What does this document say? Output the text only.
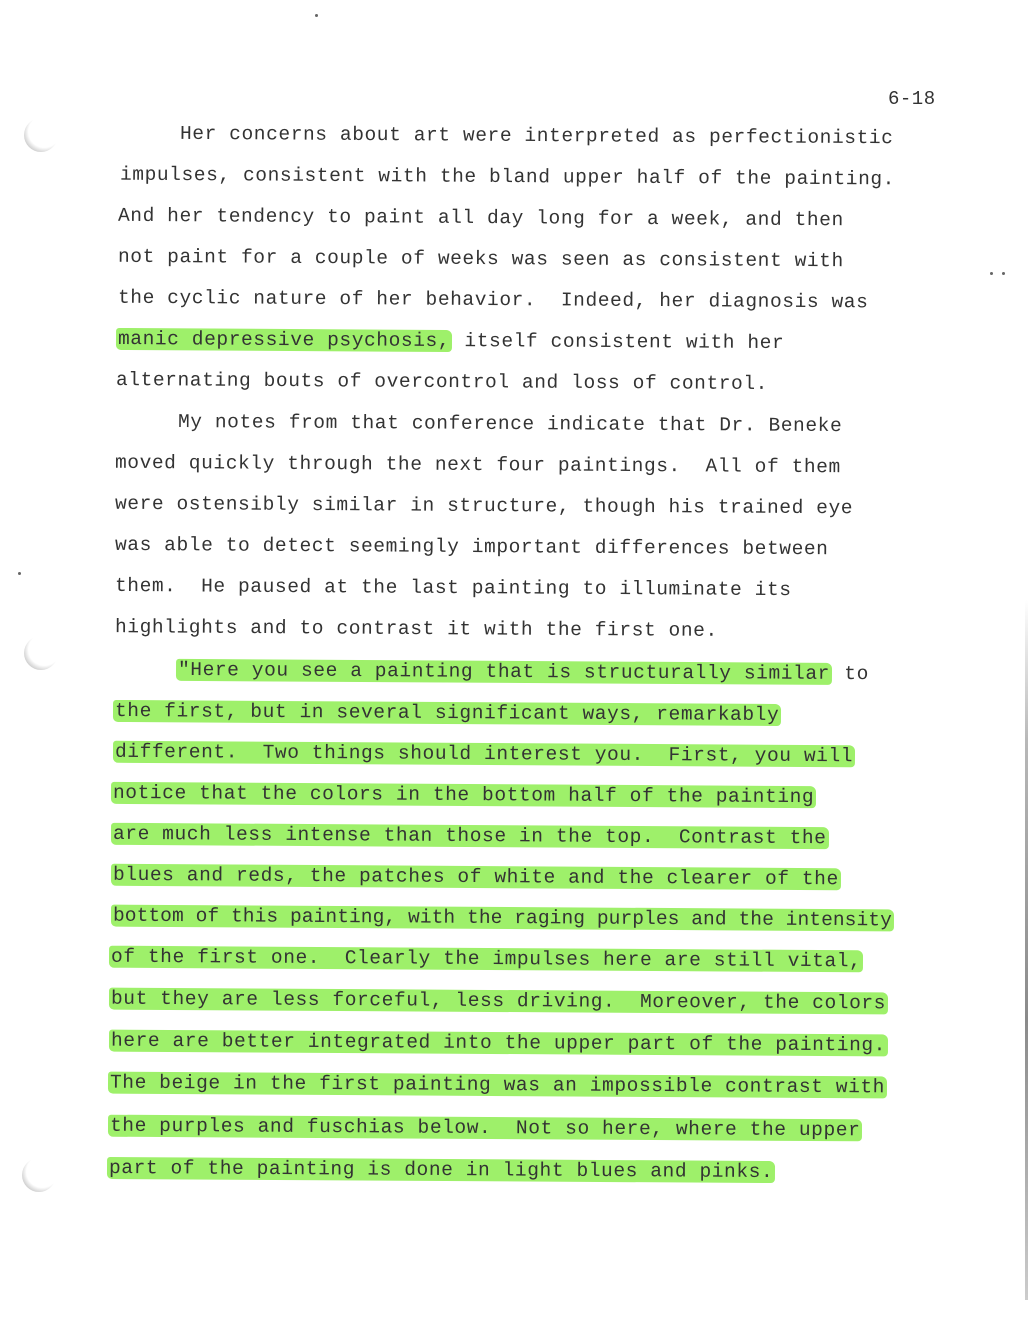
6-18
Her concerns about art were interpreted as perfectionistic
impulses, consistent with the bland upper half of the painting.
And her tendency to paint all day long for a week, and then
not paint for a couple of weeks was seen as consistent with
the cyclic nature of her behavior.  Indeed, her diagnosis was
manic depressive psychosis, itself consistent with her
alternating bouts of overcontrol and loss of control.
My notes from that conference indicate that Dr. Beneke
moved quickly through the next four paintings.  All of them
were ostensibly similar in structure, though his trained eye
was able to detect seemingly important differences between
them.  He paused at the last painting to illuminate its
highlights and to contrast it with the first one.
"Here you see a painting that is structurally similar to
the first, but in several significant ways, remarkably
different.  Two things should interest you.  First, you will
notice that the colors in the bottom half of the painting
are much less intense than those in the top.  Contrast the
blues and reds, the patches of white and the clearer of the
bottom of this painting, with the raging purples and the intensity
of the first one.  Clearly the impulses here are still vital,
but they are less forceful, less driving.  Moreover, the colors
here are better integrated into the upper part of the painting.
The beige in the first painting was an impossible contrast with
the purples and fuschias below.  Not so here, where the upper
part of the painting is done in light blues and pinks.
